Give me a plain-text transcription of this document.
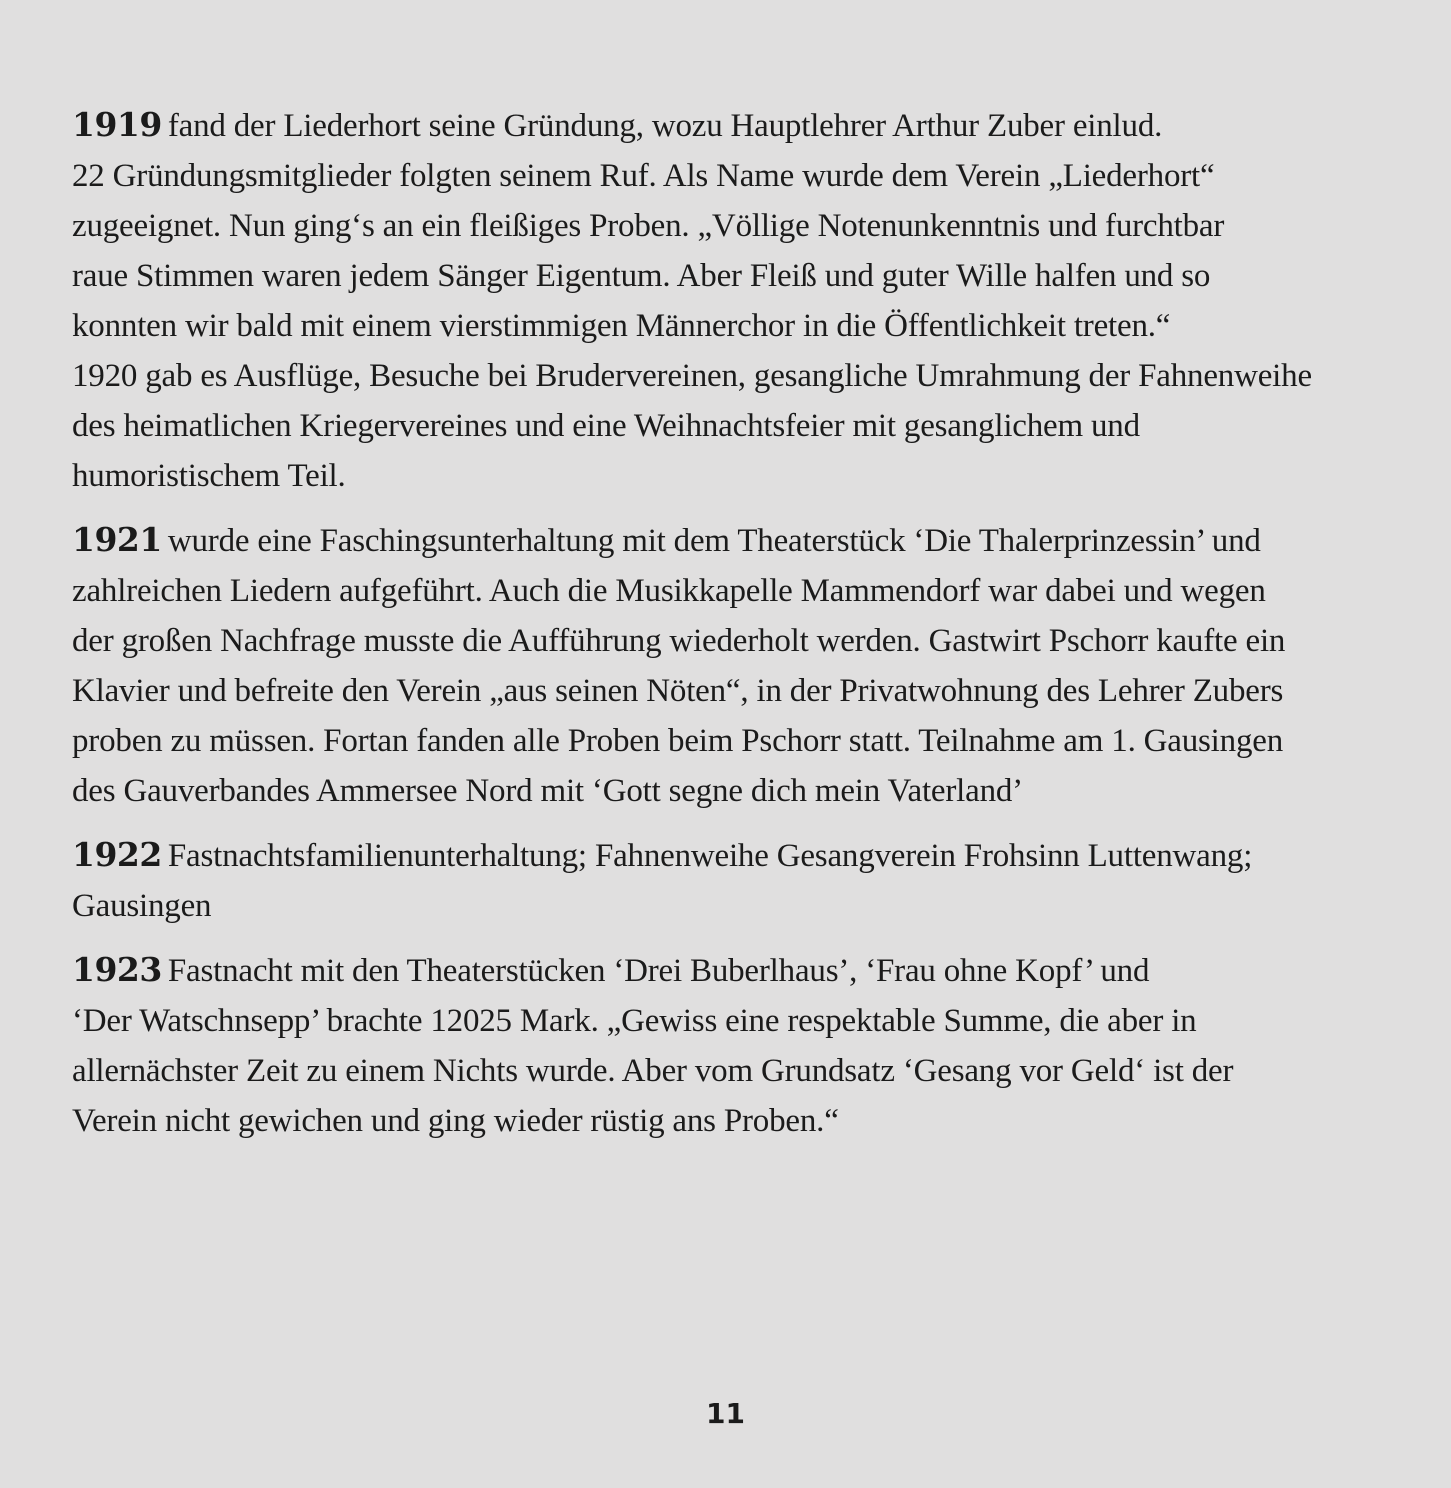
1919 fand der Liederhort seine Gründung, wozu Hauptlehrer Arthur Zuber einlud.
22 Gründungsmitglieder folgten seinem Ruf. Als Name wurde dem Verein „Liederhort“
zugeeignet. Nun ging‘s an ein fleißiges Proben. „Völlige Notenunkenntnis und furchtbar
raue Stimmen waren jedem Sänger Eigentum. Aber Fleiß und guter Wille halfen und so
konnten wir bald mit einem vierstimmigen Männerchor in die Öffentlichkeit treten.“
1920 gab es Ausflüge, Besuche bei Brudervereinen, gesangliche Umrahmung der Fahnenweihe
des heimatlichen Kriegervereines und eine Weihnachtsfeier mit gesanglichem und
humoristischem Teil.
1921 wurde eine Faschingsunterhaltung mit dem Theaterstück ‘Die Thalerprinzessin’ und
zahlreichen Liedern aufgeführt. Auch die Musikkapelle Mammendorf war dabei und wegen
der großen Nachfrage musste die Aufführung wiederholt werden. Gastwirt Pschorr kaufte ein
Klavier und befreite den Verein „aus seinen Nöten“, in der Privatwohnung des Lehrer Zubers
proben zu müssen. Fortan fanden alle Proben beim Pschorr statt. Teilnahme am 1. Gausingen
des Gauverbandes Ammersee Nord mit ‘Gott segne dich mein Vaterland’
1922 Fastnachtsfamilienunterhaltung; Fahnenweihe Gesangverein Frohsinn Luttenwang;
Gausingen
1923 Fastnacht mit den Theaterstücken ‘Drei Buberlhaus’, ‘Frau ohne Kopf’ und
‘Der Watschnsepp’ brachte 12025 Mark. „Gewiss eine respektable Summe, die aber in
allernächster Zeit zu einem Nichts wurde. Aber vom Grundsatz ‘Gesang vor Geld‘ ist der
Verein nicht gewichen und ging wieder rüstig ans Proben.“
11
